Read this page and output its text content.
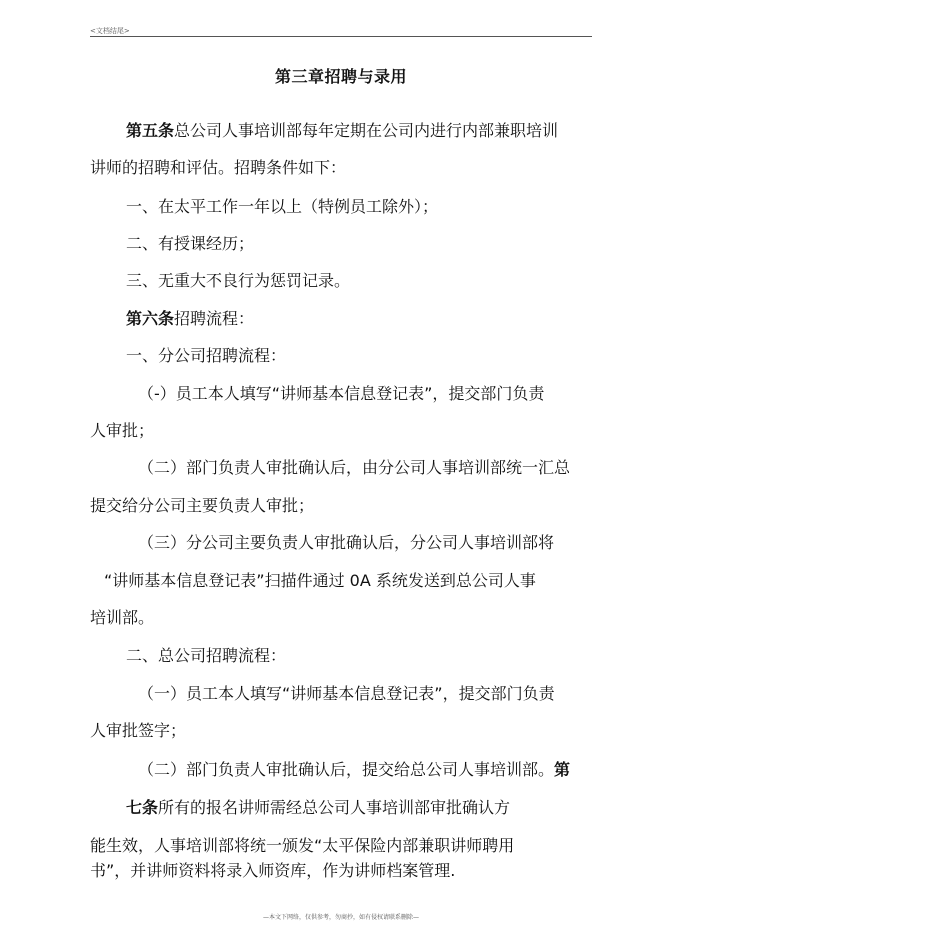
<文档结尾>
第三章招聘与录用
第五条总公司人事培训部每年定期在公司内进行内部兼职培训
讲师的招聘和评估。招聘条件如下：
一、在太平工作一年以上（特例员工除外）；
二、有授课经历；
三、无重大不良行为惩罚记录。
第六条招聘流程：
一、分公司招聘流程：
（-）员工本人填写“讲师基本信息登记表”，提交部门负责
人审批；
（二）部门负责人审批确认后，由分公司人事培训部统一汇总
提交给分公司主要负责人审批；
（三）分公司主要负责人审批确认后，分公司人事培训部将
“讲师基本信息登记表”扫描件通过 0A 系统发送到总公司人事
培训部。
二、总公司招聘流程：
（一）员工本人填写“讲师基本信息登记表”，提交部门负责
人审批签字；
（二）部门负责人审批确认后，提交给总公司人事培训部。第
七条所有的报名讲师需经总公司人事培训部审批确认方
能生效，人事培训部将统一颁发“太平保险内部兼职讲师聘用
书”，并讲师资料将录入师资库，作为讲师档案管理.
—本文下网络，仅供参考，勿商抄，如有侵权请联系删除—
